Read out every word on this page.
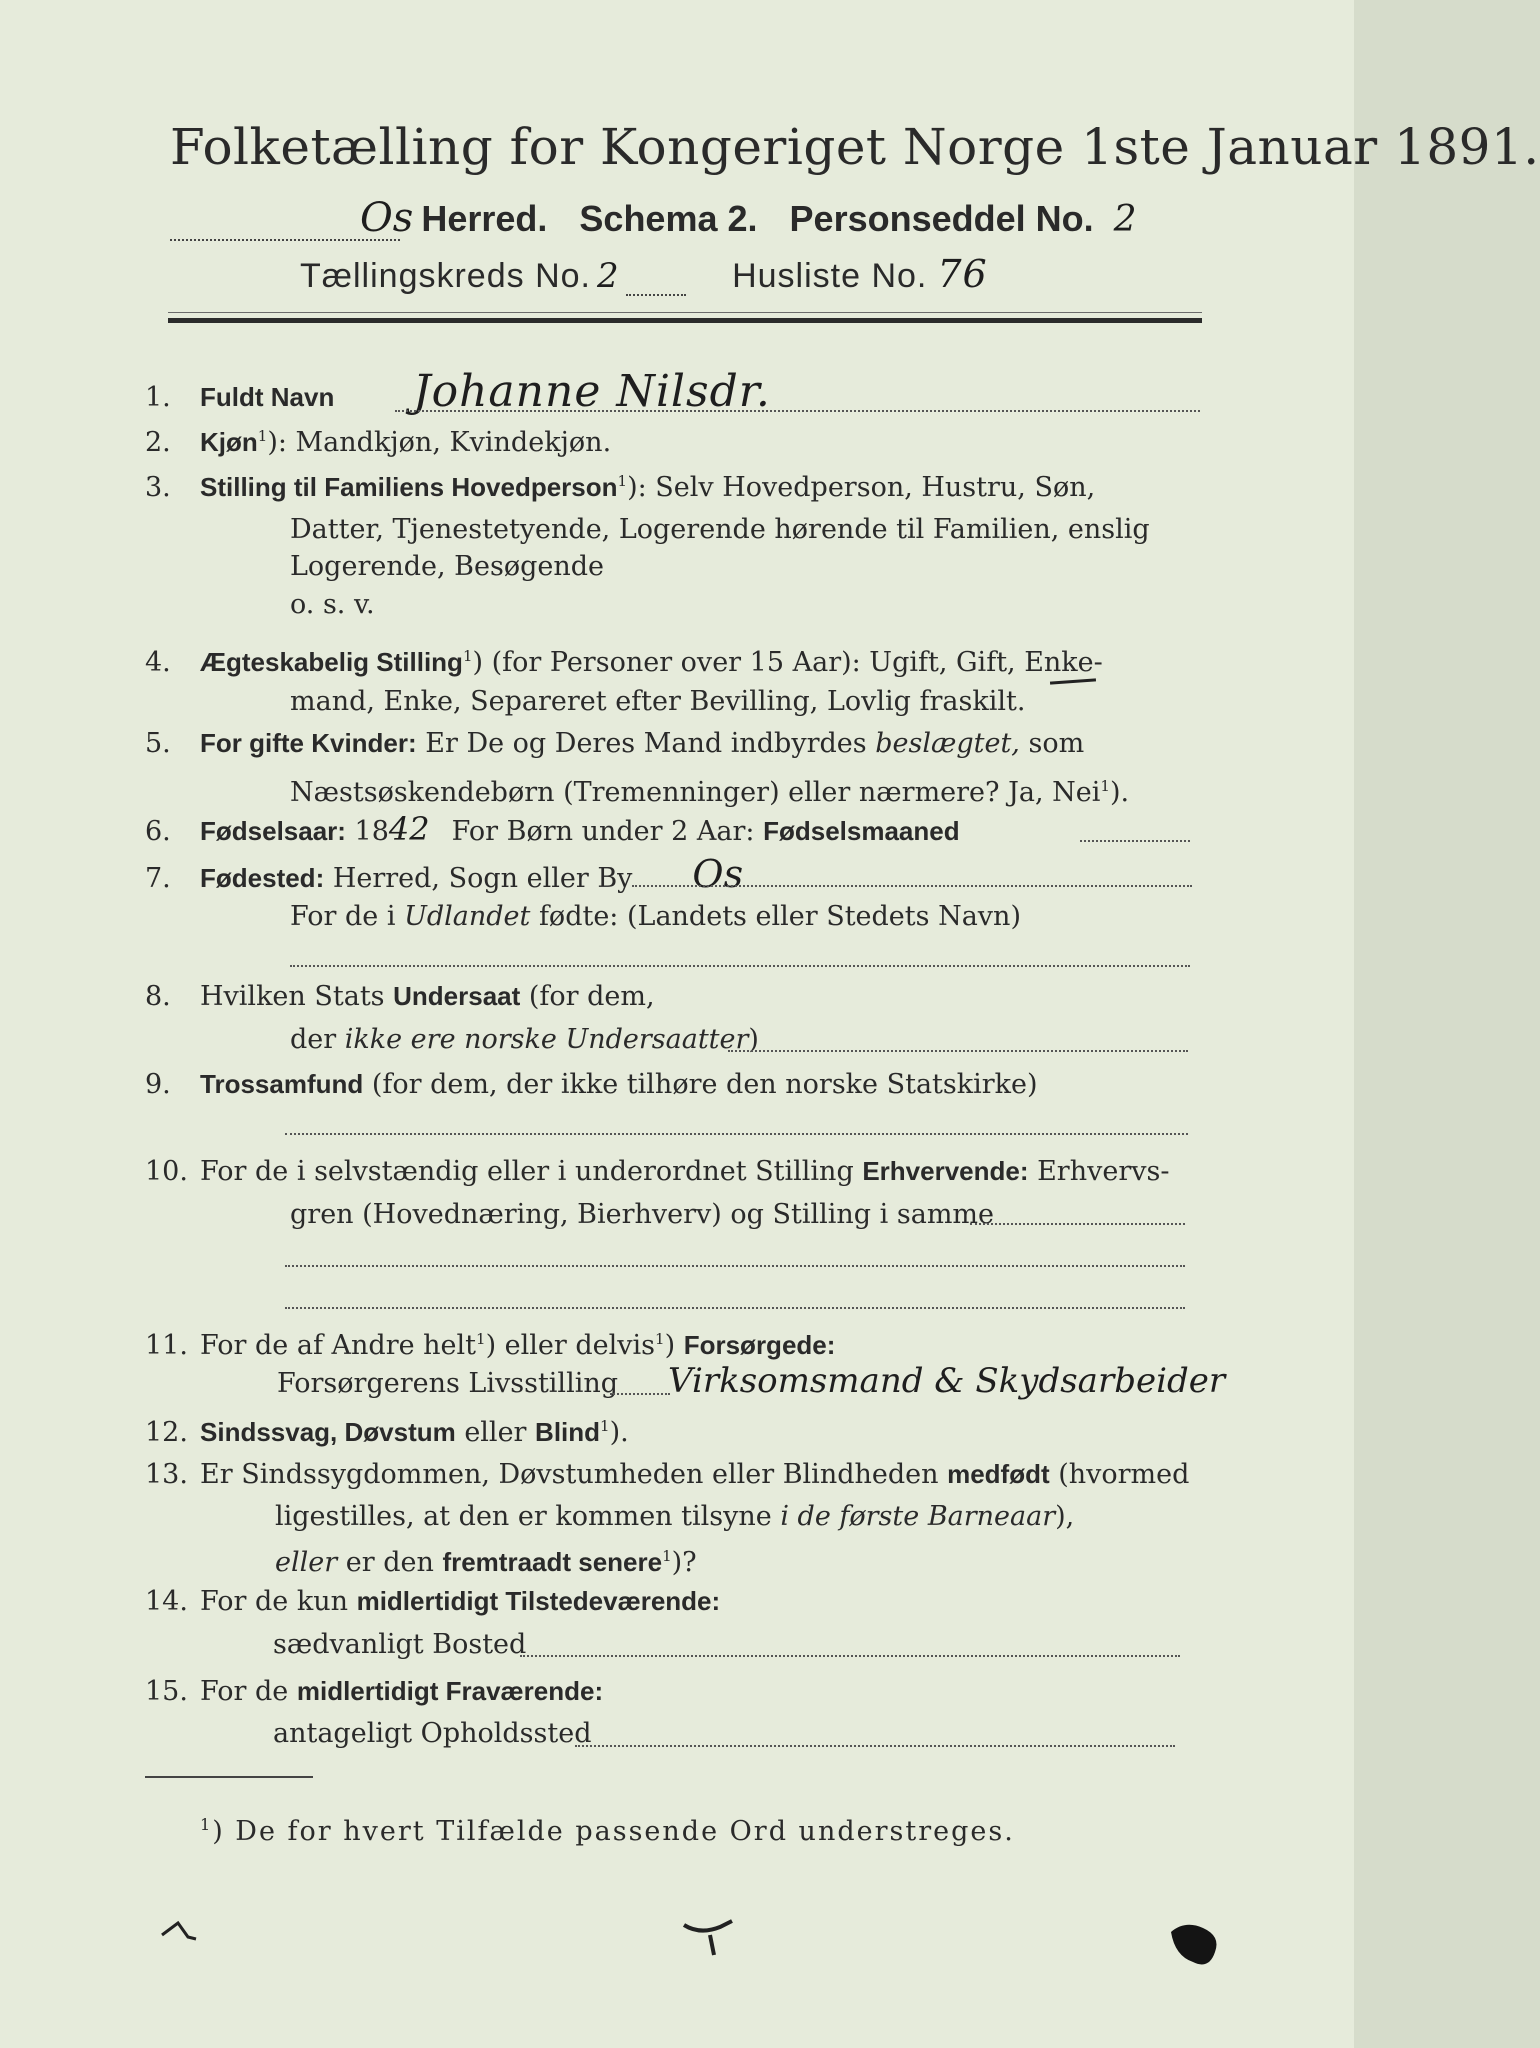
Folketælling for Kongeriget Norge 1ste Januar 1891.
Os Herred. Schema 2. Personseddel No. 2
Tællingskreds No. 2	Husliste No. 76
1. Fuldt Navn Johanne Nilsdr.
2. Kjøn$^1$): Mandkjøn, Kvindekjøn.
3. Stilling til Familiens Hovedperson$^1$): Selv Hovedperson, Hustru, Søn,
Datter, Tjenestetyende, Logerende hørende til Familien, enslig
Logerende, Besøgende
o. s. v.
4. Ægteskabelig Stilling$^1$) (for Personer over 15 Aar): Ugift, Gift, Enke-
mand, Enke, Separeret efter Bevilling, Lovlig fraskilt.
5. For gifte Kvinder: Er De og Deres Mand indbyrdes beslægtet, som
Næstsøskendebørn (Tremenninger) eller nærmere? Ja, Nei$^1$).
6. Fødselsaar: 1842 For Børn under 2 Aar: Fødselsmaaned
7. Fødested: Herred, Sogn eller By Os
For de i Udlandet fødte: (Landets eller Stedets Navn)
8. Hvilken Stats Undersaat (for dem,
der ikke ere norske Undersaatter)
9. Trossamfund (for dem, der ikke tilhøre den norske Statskirke)
10. For de i selvstændig eller i underordnet Stilling Erhvervende: Erhvervs-
gren (Hovednæring, Bierhverv) og Stilling i samme
11. For de af Andre helt$^1$) eller delvis$^1$) Forsørgede:
Forsørgerens Livsstilling Virksomsmand & Skydsarbeider
12. Sindssvag, Døvstum eller Blind$^1$).
13. Er Sindssygdommen, Døvstumheden eller Blindheden medfødt (hvormed
ligestilles, at den er kommen tilsyne i de første Barneaar),
eller er den fremtraadt senere$^1$)?
14. For de kun midlertidigt Tilstedeværende:
sædvanligt Bosted
15. For de midlertidigt Fraværende:
antageligt Opholdssted
$^1$) De for hvert Tilfælde passende Ord understreges.
